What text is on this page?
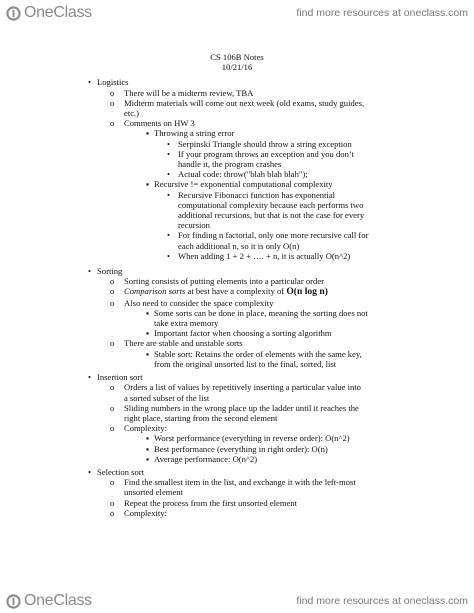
OneClass	find more resources at oneclass.com
CS 106B Notes
10/21/16
• Logistics
o There will be a midterm review, TBA
o Midterm materials will come out next week (old exams, study guides,
etc.)
o Comments on HW 3
▪ Throwing a string error
• Serpinski Triangle should throw a string exception
• If your program throws an exception and you don’t
handle it, the program crashes
• Actual code: throw("blah blah blah");
▪ Recursive != exponential computational complexity
• Recursive Fibonacci function has exponential
computational complexity because each performs two
additional recursions, but that is not the case for every
recursion
• For finding n factorial, only one more recursive call for
each additional n, so it is only O(n)
• When adding 1 + 2 + …. + n, it is actually O(n^2)
• Sorting
o Sorting consists of putting elements into a particular order
o Comparison sorts at best have a complexity of O(n log n)
o Also need to consider the space complexity
▪ Some sorts can be done in place, meaning the sorting does not
take extra memory
▪ Important factor when choosing a sorting algorithm
o There are stable and unstable sorts
▪ Stable sort: Retains the order of elements with the same key,
from the original unsorted list to the final, sorted, list
• Insertion sort
o Orders a list of values by repetitively inserting a particular value into
a sorted subset of the list
o Sliding numbers in the wrong place up the ladder until it reaches the
right place, starting from the second element
o Complexity:
▪ Worst performance (everything in reverse order): O(n^2)
▪ Best performance (everything in right order): O(n)
▪ Average performance: O(n^2)
• Selection sort
o Find the smallest item in the list, and exchange it with the left-most
unsorted element
o Repeat the process from the first unsorted element
o Complexity:
OneClass	find more resources at oneclass.com
